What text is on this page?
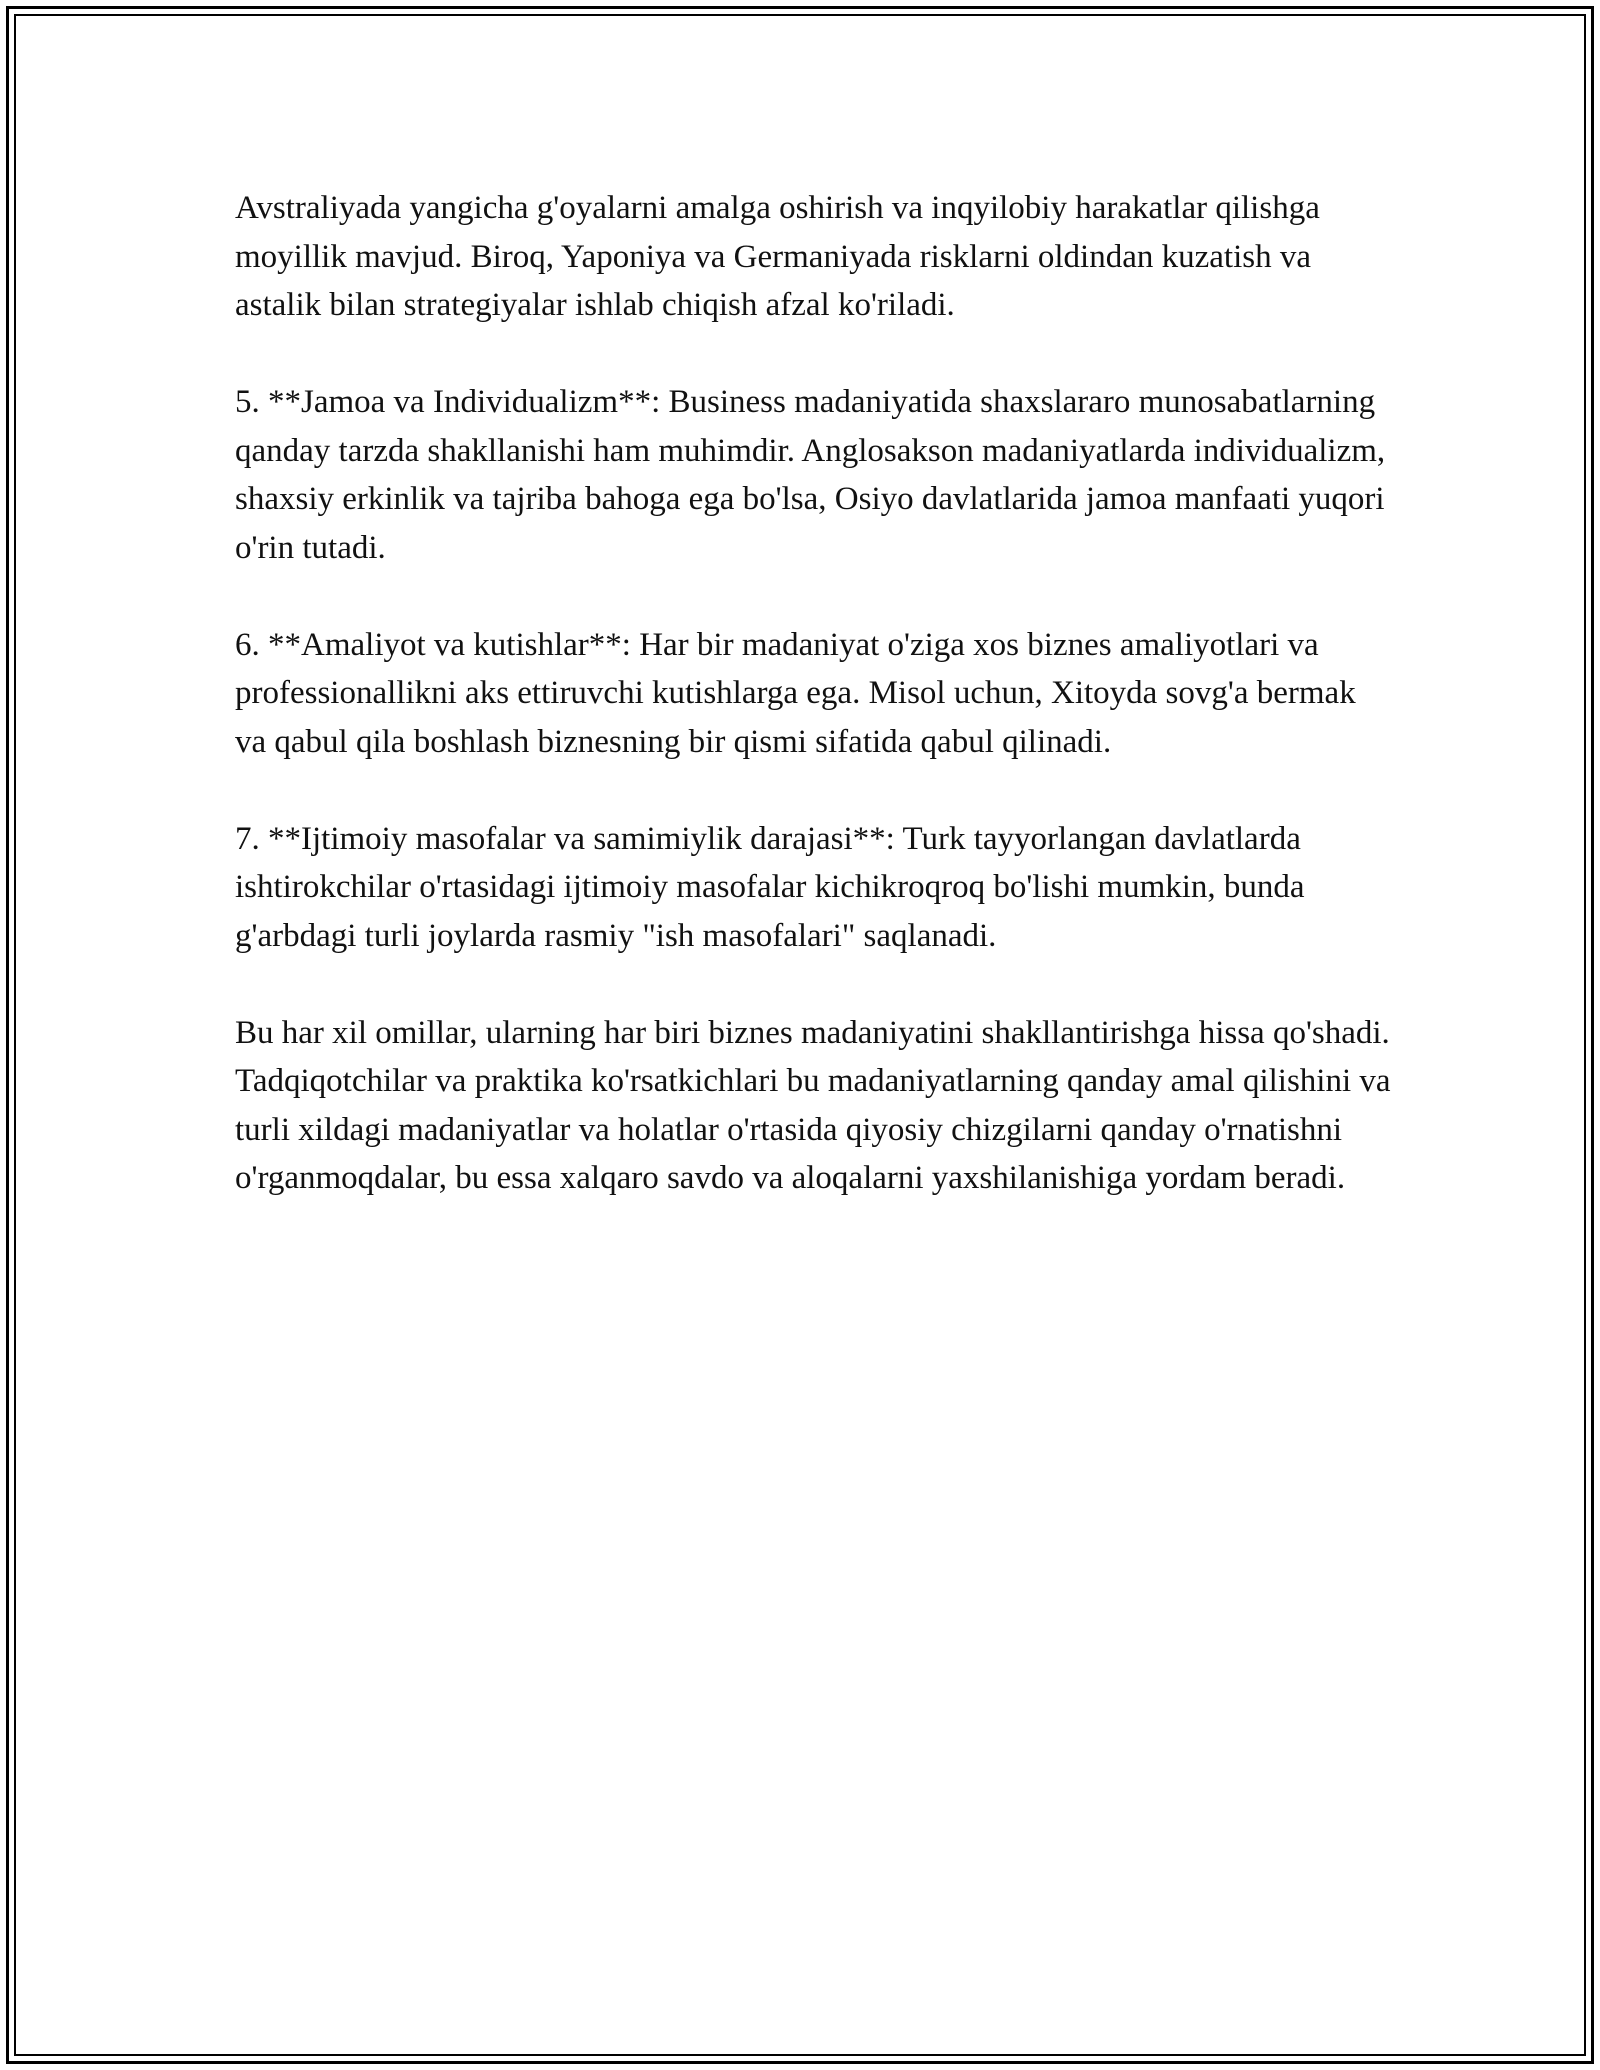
Avstraliyada yangicha g'oyalarni amalga oshirish va inqyilobiy harakatlar qilishga moyillik mavjud. Biroq, Yaponiya va Germaniyada risklarni oldindan kuzatish va astalik bilan strategiyalar ishlab chiqish afzal ko'riladi.

5. **Jamoa va Individualizm**: Business madaniyatida shaxslararo munosabatlarning qanday tarzda shakllanishi ham muhimdir. Anglosakson madaniyatlarda individualizm, shaxsiy erkinlik va tajriba bahoga ega bo'lsa, Osiyo davlatlarida jamoa manfaati yuqori o'rin tutadi.

6. **Amaliyot va kutishlar**: Har bir madaniyat o'ziga xos biznes amaliyotlari va professionallikni aks ettiruvchi kutishlarga ega. Misol uchun, Xitoyda sovg'a bermak va qabul qila boshlash biznesning bir qismi sifatida qabul qilinadi.

7. **Ijtimoiy masofalar va samimiylik darajasi**: Turk tayyorlangan davlatlarda ishtirokchilar o'rtasidagi ijtimoiy masofalar kichikroqroq bo'lishi mumkin, bunda g'arbdagi turli joylarda rasmiy "ish masofalari" saqlanadi.

Bu har xil omillar, ularning har biri biznes madaniyatini shakllantirishga hissa qo'shadi. Tadqiqotchilar va praktika ko'rsatkichlari bu madaniyatlarning qanday amal qilishini va turli xildagi madaniyatlar va holatlar o'rtasida qiyosiy chizgilarni qanday o'rnatishni o'rganmoqdalar, bu essa xalqaro savdo va aloqalarni yaxshilanishiga yordam beradi.
